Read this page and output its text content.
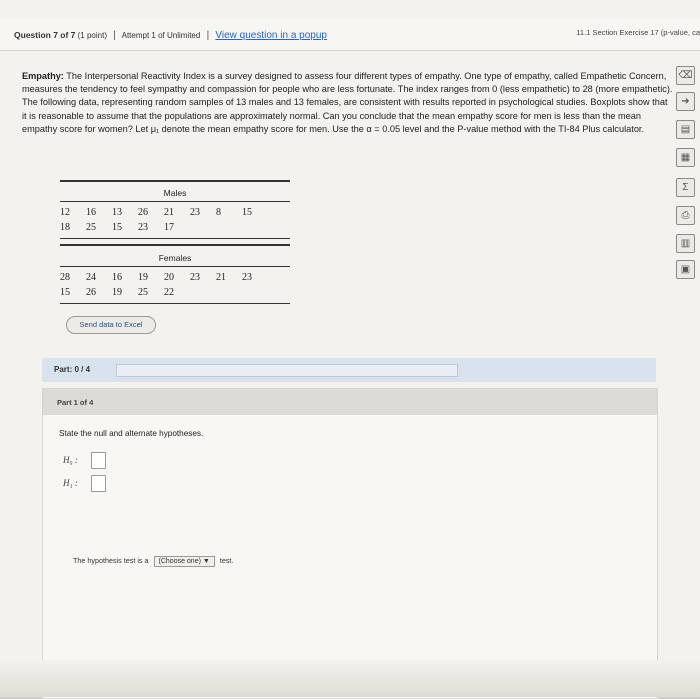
Question 7 of 7 (1 point) | Attempt 1 of Unlimited | View question in a popup	11.1 Section Exercise 17 (p-value, ca
Empathy: The Interpersonal Reactivity Index is a survey designed to assess four different types of empathy. One type of empathy, called Empathetic Concern, measures the tendency to feel sympathy and compassion for people who are less fortunate. The index ranges from 0 (less empathetic) to 28 (more empathetic). The following data, representing random samples of 13 males and 13 females, are consistent with results reported in psychological studies. Boxplots show that it is reasonable to assume that the populations are approximately normal. Can you conclude that the mean empathy score for men is less than the mean empathy score for women? Let μ₁ denote the mean empathy score for men. Use the α = 0.05 level and the P-value method with the TI-84 Plus calculator.
⌫
➔
▤
▦
Σ
⎙
▥
▣
Males
12 16 13 26 21 23 8 15
18 25 15 23 17
Females
28 24 16 19 20 23 21 23
15 26 19 25 22
Send data to Excel
Part: 0 / 4
Part 1 of 4
State the null and alternate hypotheses.
H₀ :
H₁ :
The hypothesis test is a (Choose one) ▼ test.
